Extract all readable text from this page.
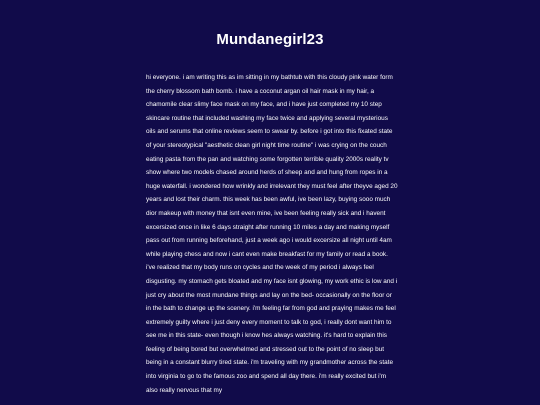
Mundanegirl23

hi everyone. i am writing this as im sitting in my bathtub with this cloudy pink water form the cherry blossom bath bomb. i have a coconut argan oil hair mask in my hair, a chamomile clear slimy face mask on my face, and i have just completed my 10 step skincare routine that included washing my face twice and applying several mysterious oils and serums that online reviews seem to swear by. before i got into this fixated state of your stereotypical "aesthetic clean girl night time routine" i was crying on the couch eating pasta from the pan and watching some forgotten terrible quality 2000s reality tv show where two models chased around herds of sheep and and hung from ropes in a huge waterfall. i wondered how wrinkly and irrelevant they must feel after theyve aged 20 years and lost their charm. this week has been awful, ive been lazy, buying sooo much dior makeup with money that isnt even mine, ive been feeling really sick and i havent excersized once in like 6 days straight after running 10 miles a day and making myself pass out from running beforehand, just a week ago i would excersize all night until 4am while playing chess and now i cant even make breakfast for my family or read a book. i've realized that my body runs on cycles and the week of my period i always feel disgusting. my stomach gets bloated and my face isnt glowing, my work ethic is low and i just cry about the most mundane things and lay on the bed- occasionally on the floor or in the bath to change up the scenery. i'm feeling far from god and praying makes me feel extremely guilty where i just deny every moment to talk to god, i really dont want him to see me in this state- even though i know hes always watching. it's hard to explain this feeling of being bored but overwhelmed and stressed out to the point of no sleep but being in a constant blurry tired state. i'm traveling with my grandmother across the state into virginia to go to the famous zoo and spend all day there. i'm really excited but i'm also really nervous that my
